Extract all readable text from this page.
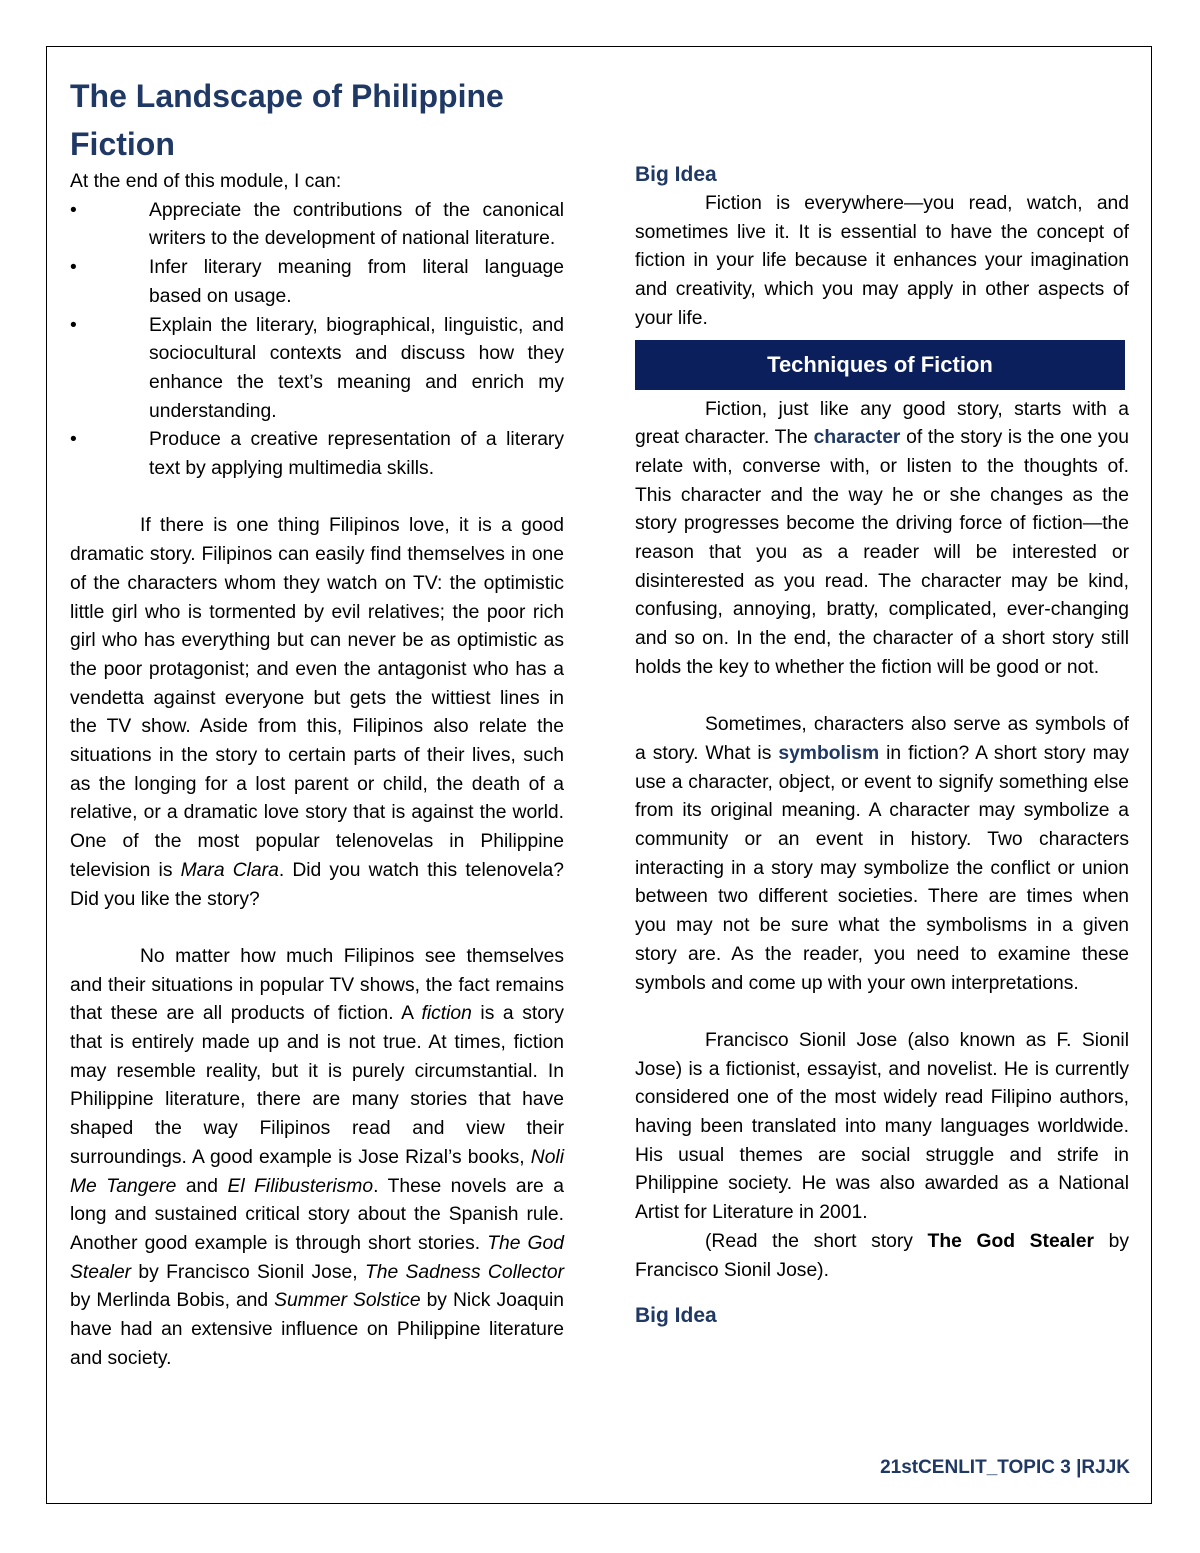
The Landscape of Philippine Fiction

At the end of this module, I can:

•	Appreciate the contributions of the canonical writers to the development of national literature.
•	Infer literary meaning from literal language based on usage.
•	Explain the literary, biographical, linguistic, and sociocultural contexts and discuss how they enhance the text’s meaning and enrich my understanding.
•	Produce a creative representation of a literary text by applying multimedia skills.

If there is one thing Filipinos love, it is a good dramatic story. Filipinos can easily find themselves in one of the characters whom they watch on TV: the optimistic little girl who is tormented by evil relatives; the poor rich girl who has everything but can never be as optimistic as the poor protagonist; and even the antagonist who has a vendetta against everyone but gets the wittiest lines in the TV show. Aside from this, Filipinos also relate the situations in the story to certain parts of their lives, such as the longing for a lost parent or child, the death of a relative, or a dramatic love story that is against the world. One of the most popular telenovelas in Philippine television is Mara Clara. Did you watch this telenovela? Did you like the story?

No matter how much Filipinos see themselves and their situations in popular TV shows, the fact remains that these are all products of fiction. A fiction is a story that is entirely made up and is not true. At times, fiction may resemble reality, but it is purely circumstantial. In Philippine literature, there are many stories that have shaped the way Filipinos read and view their surroundings. A good example is Jose Rizal’s books, Noli Me Tangere and El Filibusterismo. These novels are a long and sustained critical story about the Spanish rule. Another good example is through short stories. The God Stealer by Francisco Sionil Jose, The Sadness Collector by Merlinda Bobis, and Summer Solstice by Nick Joaquin have had an extensive influence on Philippine literature and society.

Big Idea

Fiction is everywhere—you read, watch, and sometimes live it. It is essential to have the concept of fiction in your life because it enhances your imagination and creativity, which you may apply in other aspects of your life.

Techniques of Fiction

Fiction, just like any good story, starts with a great character. The character of the story is the one you relate with, converse with, or listen to the thoughts of. This character and the way he or she changes as the story progresses become the driving force of fiction—the reason that you as a reader will be interested or disinterested as you read. The character may be kind, confusing, annoying, bratty, complicated, ever-changing and so on. In the end, the character of a short story still holds the key to whether the fiction will be good or not.

Sometimes, characters also serve as symbols of a story. What is symbolism in fiction? A short story may use a character, object, or event to signify something else from its original meaning. A character may symbolize a community or an event in history. Two characters interacting in a story may symbolize the conflict or union between two different societies. There are times when you may not be sure what the symbolisms in a given story are. As the reader, you need to examine these symbols and come up with your own interpretations.

Francisco Sionil Jose (also known as F. Sionil Jose) is a fictionist, essayist, and novelist. He is currently considered one of the most widely read Filipino authors, having been translated into many languages worldwide. His usual themes are social struggle and strife in Philippine society. He was also awarded as a National Artist for Literature in 2001.

(Read the short story The God Stealer by Francisco Sionil Jose).

Big Idea
21stCENLIT_TOPIC 3 |RJJK
